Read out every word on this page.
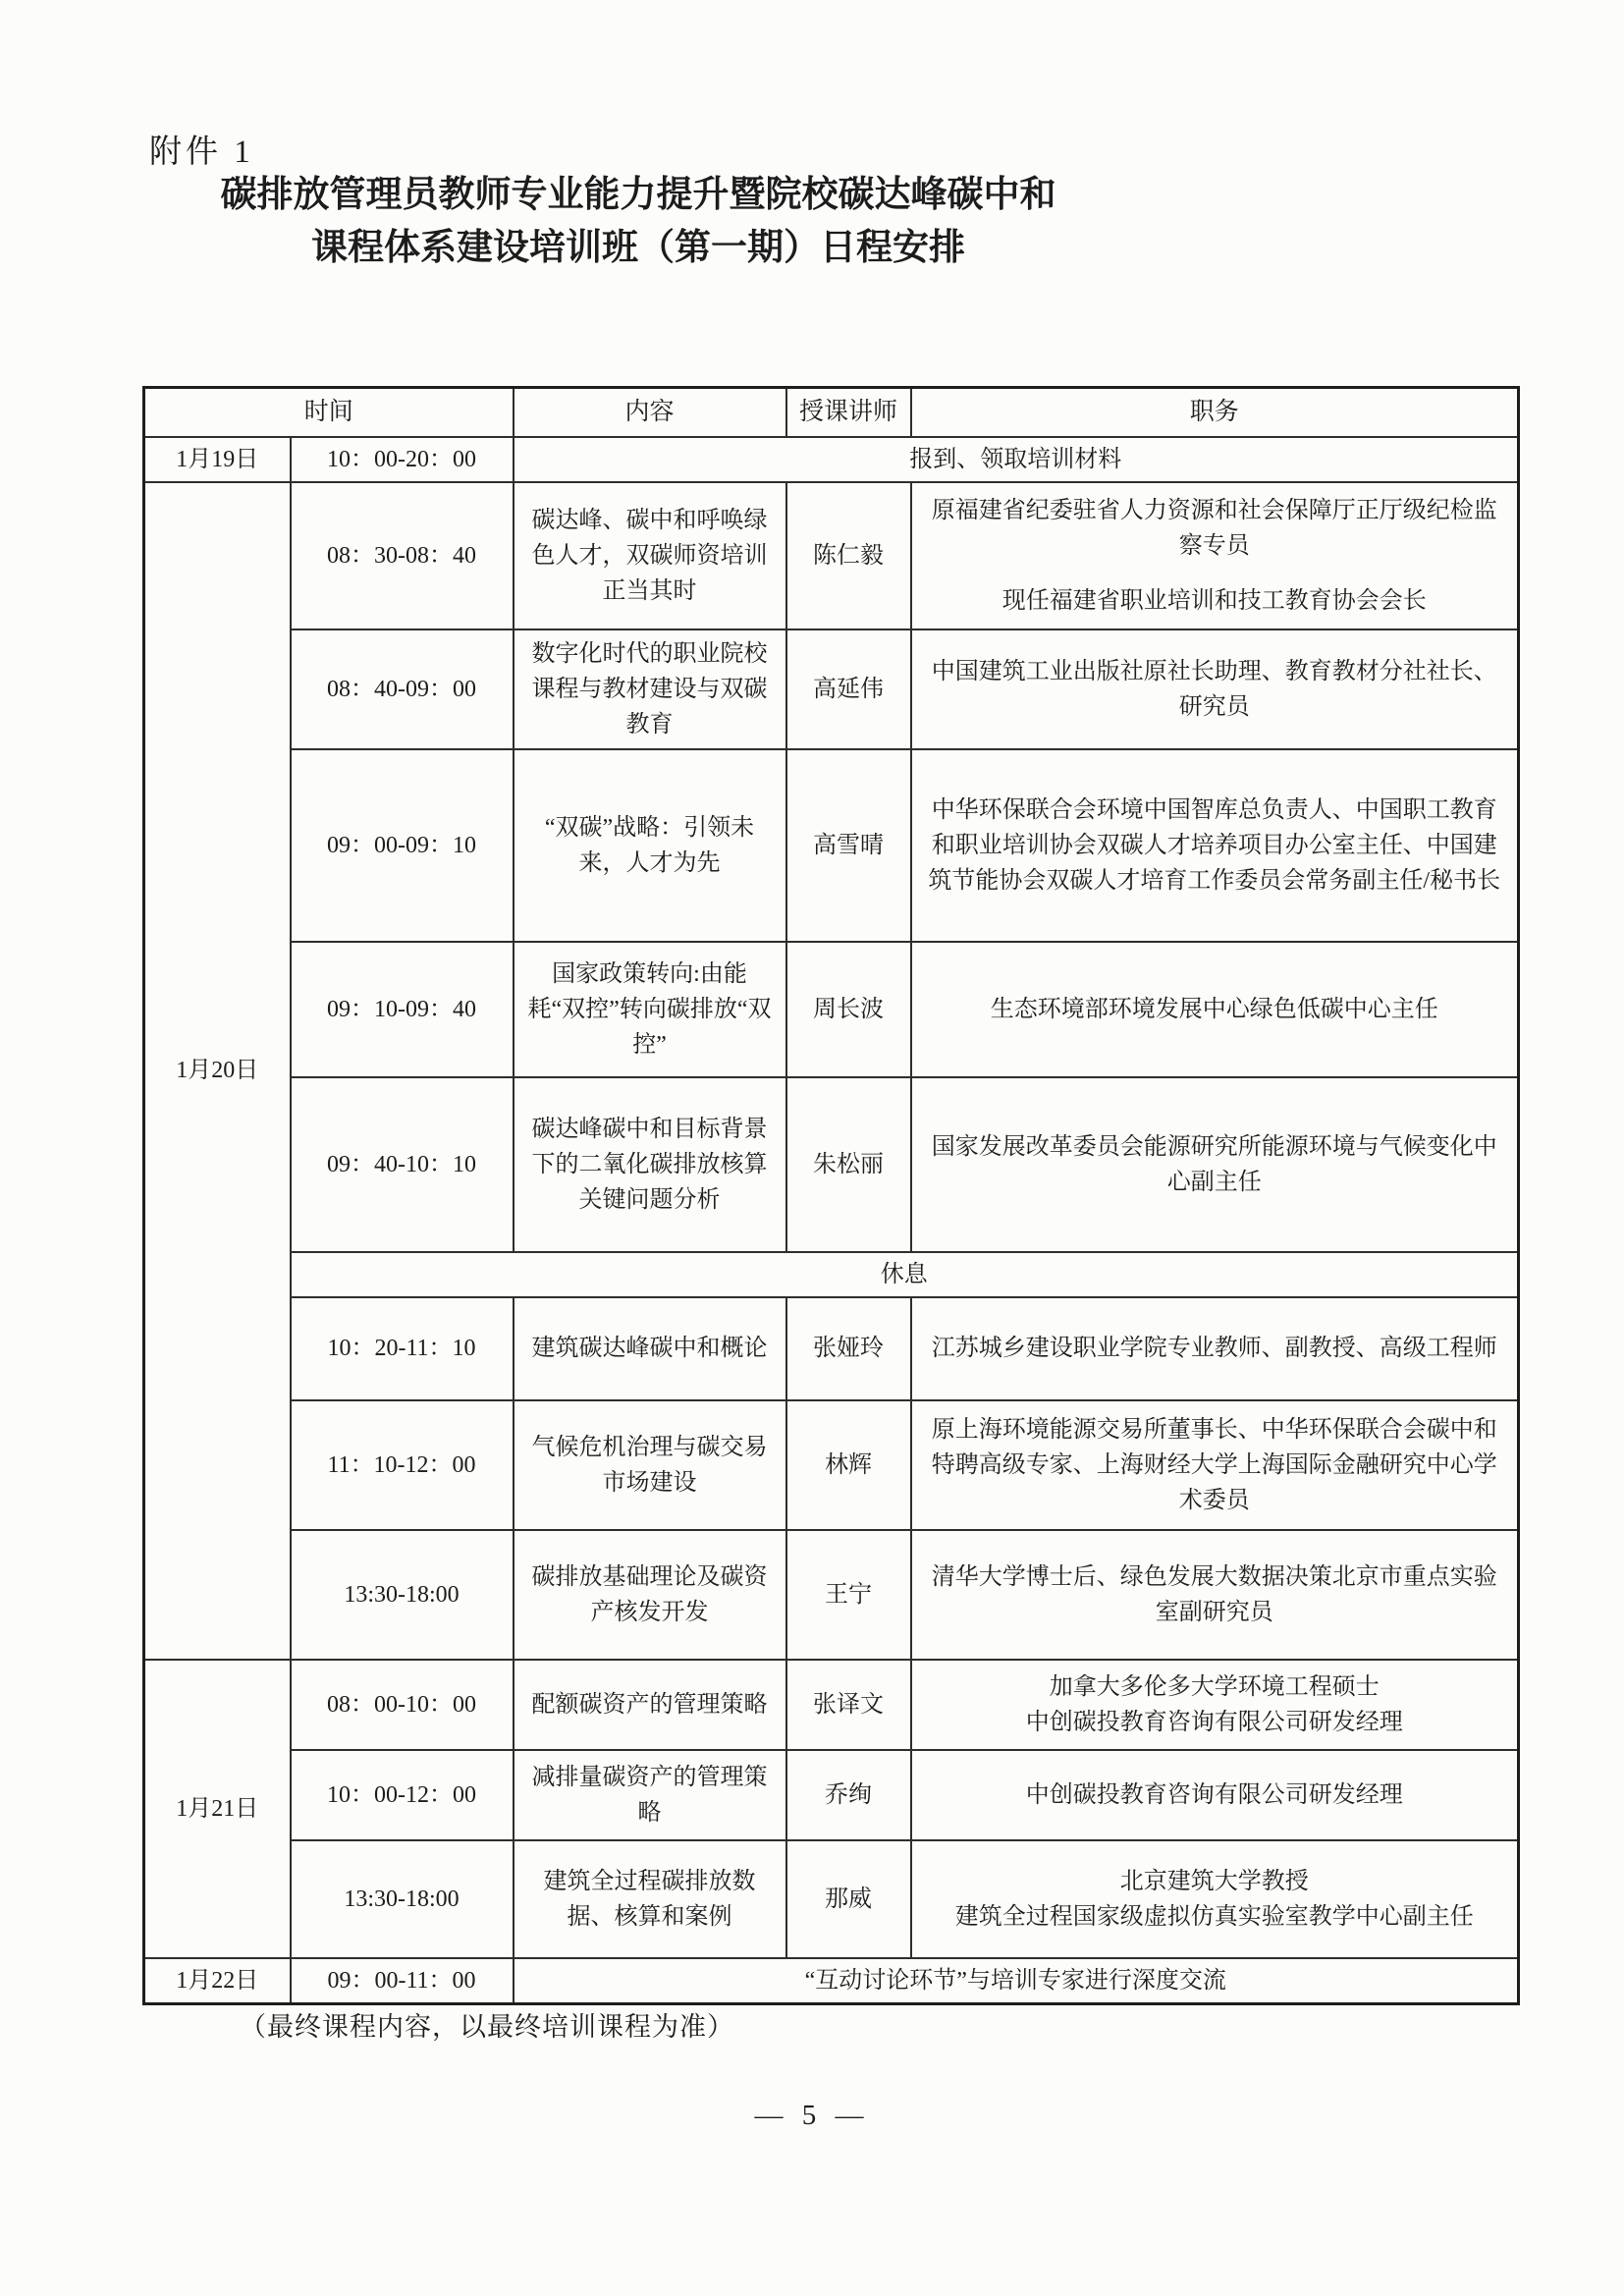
附件 1
碳排放管理员教师专业能力提升暨院校碳达峰碳中和
课程体系建设培训班（第一期）日程安排
时间		内容	授课讲师	职务
1月19日	10：00-20：00	报到、领取培训材料		
1月20日	08：30-08：40	碳达峰、碳中和呼唤绿色人才，双碳师资培训正当其时	陈仁毅	原福建省纪委驻省人力资源和社会保障厅正厅级纪检监察专员

现任福建省职业培训和技工教育协会会长

	08：40-09：00	数字化时代的职业院校课程与教材建设与双碳教育	高延伟	中国建筑工业出版社原社长助理、教育教材分社社长、研究员
	09：00-09：10	“双碳”战略：引领未来，人才为先	高雪晴	中华环保联合会环境中国智库总负责人、中国职工教育和职业培训协会双碳人才培养项目办公室主任、中国建筑节能协会双碳人才培育工作委员会常务副主任/秘书长
	09：10-09：40	国家政策转向:由能耗“双控”转向碳排放“双控”	周长波	生态环境部环境发展中心绿色低碳中心主任
	09：40-10：10	碳达峰碳中和目标背景下的二氧化碳排放核算关键问题分析	朱松丽	国家发展改革委员会能源研究所能源环境与气候变化中心副主任
	休息			
	10：20-11：10	建筑碳达峰碳中和概论	张娅玲	江苏城乡建设职业学院专业教师、副教授、高级工程师
	11：10-12：00	气候危机治理与碳交易市场建设	林辉	原上海环境能源交易所董事长、中华环保联合会碳中和特聘高级专家、上海财经大学上海国际金融研究中心学术委员
	13:30-18:00	碳排放基础理论及碳资产核发开发	王宁	清华大学博士后、绿色发展大数据决策北京市重点实验室副研究员
1月21日	08：00-10：00	配额碳资产的管理策略	张译文	加拿大多伦多大学环境工程硕士

中创碳投教育咨询有限公司研发经理

	10：00-12：00	减排量碳资产的管理策略	乔绚	中创碳投教育咨询有限公司研发经理
	13:30-18:00	建筑全过程碳排放数据、核算和案例	那威	北京建筑大学教授

建筑全过程国家级虚拟仿真实验室教学中心副主任

1月22日	09：00-11：00	“互动讨论环节”与培训专家进行深度交流		
（最终课程内容，以最终培训课程为准）
— 5 —
